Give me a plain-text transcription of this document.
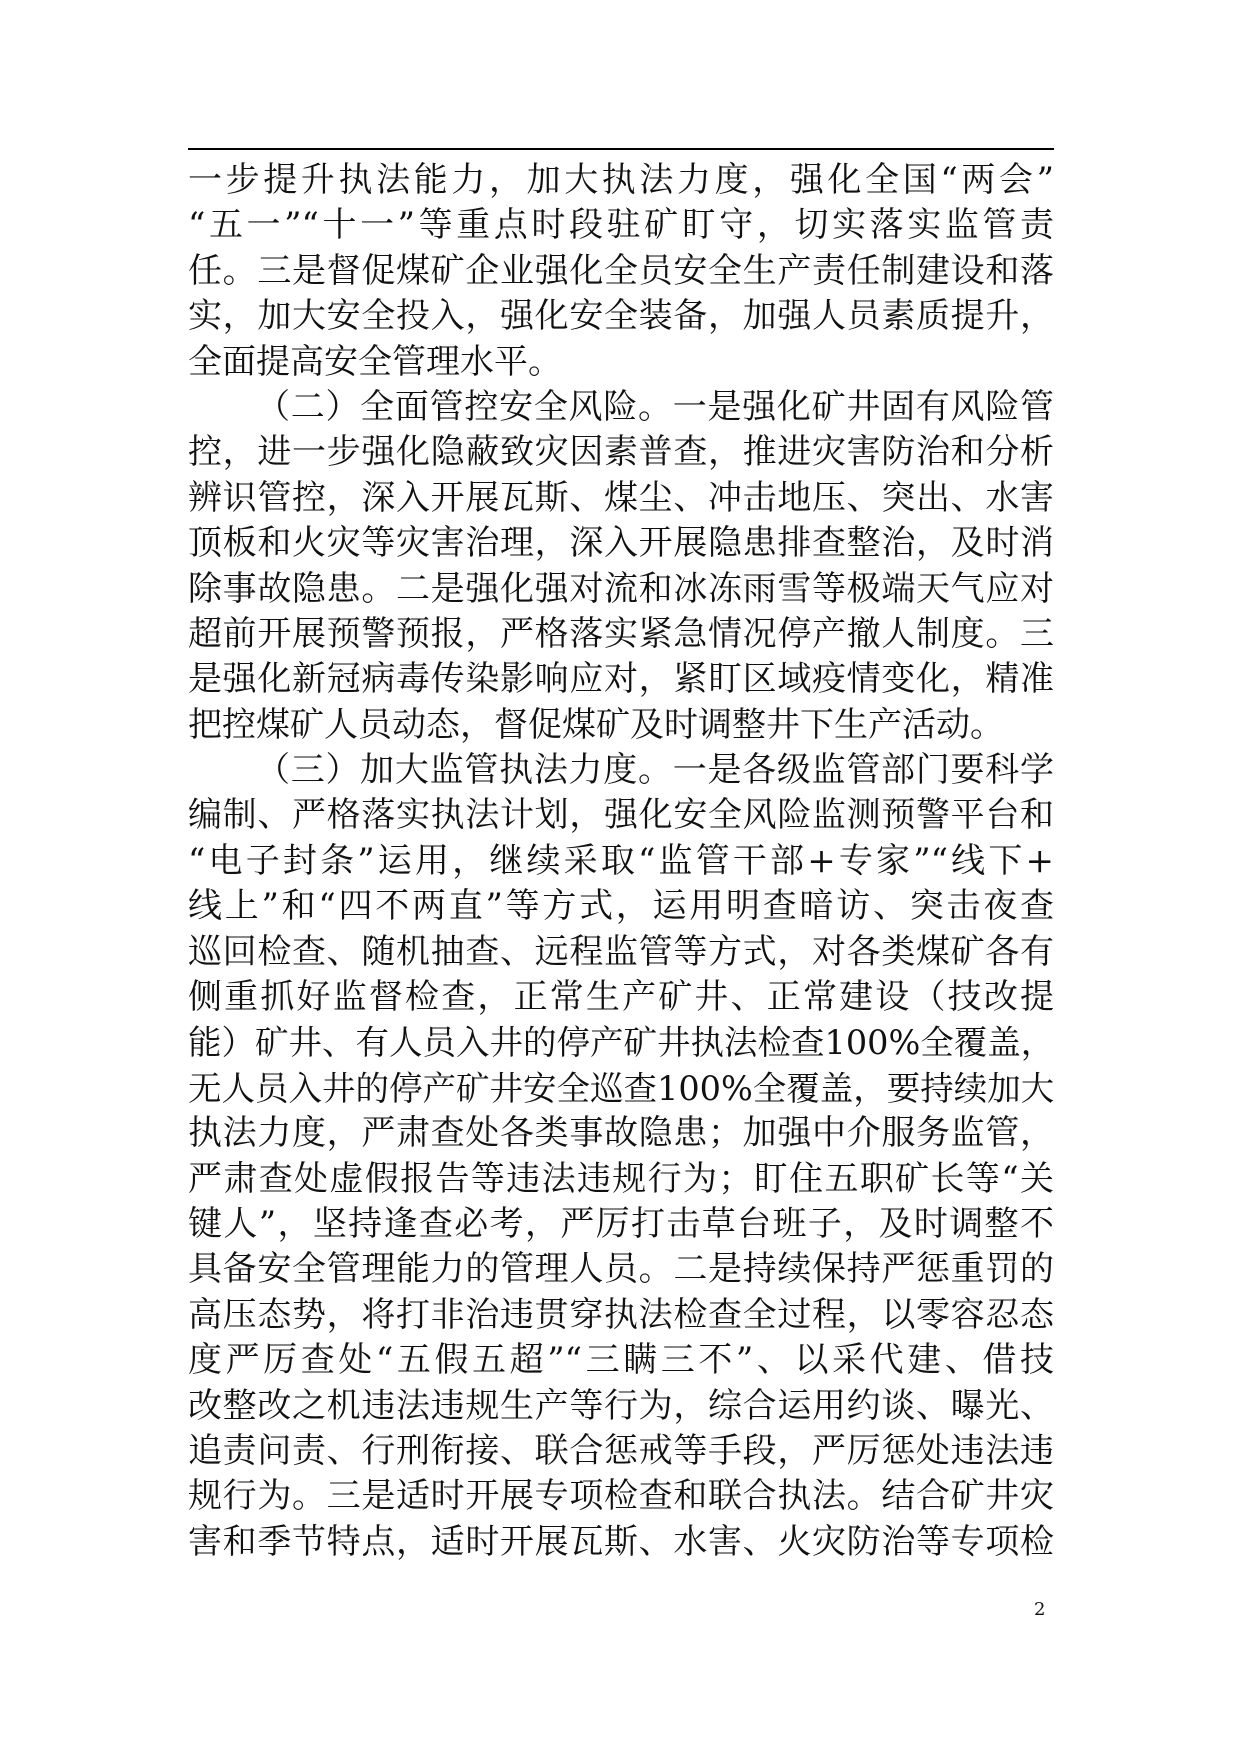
一步提升执法能力，加大执法力度，强化全国“两会”
“五一”“十一”等重点时段驻矿盯守，切实落实监管责
任。三是督促煤矿企业强化全员安全生产责任制建设和落
实，加大安全投入，强化安全装备，加强人员素质提升，
全面提高安全管理水平。
（二）全面管控安全风险。一是强化矿井固有风险管
控，进一步强化隐蔽致灾因素普查，推进灾害防治和分析
辨识管控，深入开展瓦斯、煤尘、冲击地压、突出、水害
顶板和火灾等灾害治理，深入开展隐患排查整治，及时消
除事故隐患。二是强化强对流和冰冻雨雪等极端天气应对
超前开展预警预报，严格落实紧急情况停产撤人制度。三
是强化新冠病毒传染影响应对，紧盯区域疫情变化，精准
把控煤矿人员动态，督促煤矿及时调整井下生产活动。
（三）加大监管执法力度。一是各级监管部门要科学
编制、严格落实执法计划，强化安全风险监测预警平台和
“电子封条”运用，继续采取“监管干部+专家”“线下+
线上”和“四不两直”等方式，运用明查暗访、突击夜查
巡回检查、随机抽查、远程监管等方式，对各类煤矿各有
侧重抓好监督检查，正常生产矿井、正常建设（技改提
能）矿井、有人员入井的停产矿井执法检查100%全覆盖，
无人员入井的停产矿井安全巡查100%全覆盖，要持续加大
执法力度，严肃查处各类事故隐患；加强中介服务监管，
严肃查处虚假报告等违法违规行为；盯住五职矿长等“关
键人”，坚持逢查必考，严厉打击草台班子，及时调整不
具备安全管理能力的管理人员。二是持续保持严惩重罚的
高压态势，将打非治违贯穿执法检查全过程，以零容忍态
度严厉查处“五假五超”“三瞒三不”、以采代建、借技
改整改之机违法违规生产等行为，综合运用约谈、曝光、
追责问责、行刑衔接、联合惩戒等手段，严厉惩处违法违
规行为。三是适时开展专项检查和联合执法。结合矿井灾
害和季节特点，适时开展瓦斯、水害、火灾防治等专项检
2
